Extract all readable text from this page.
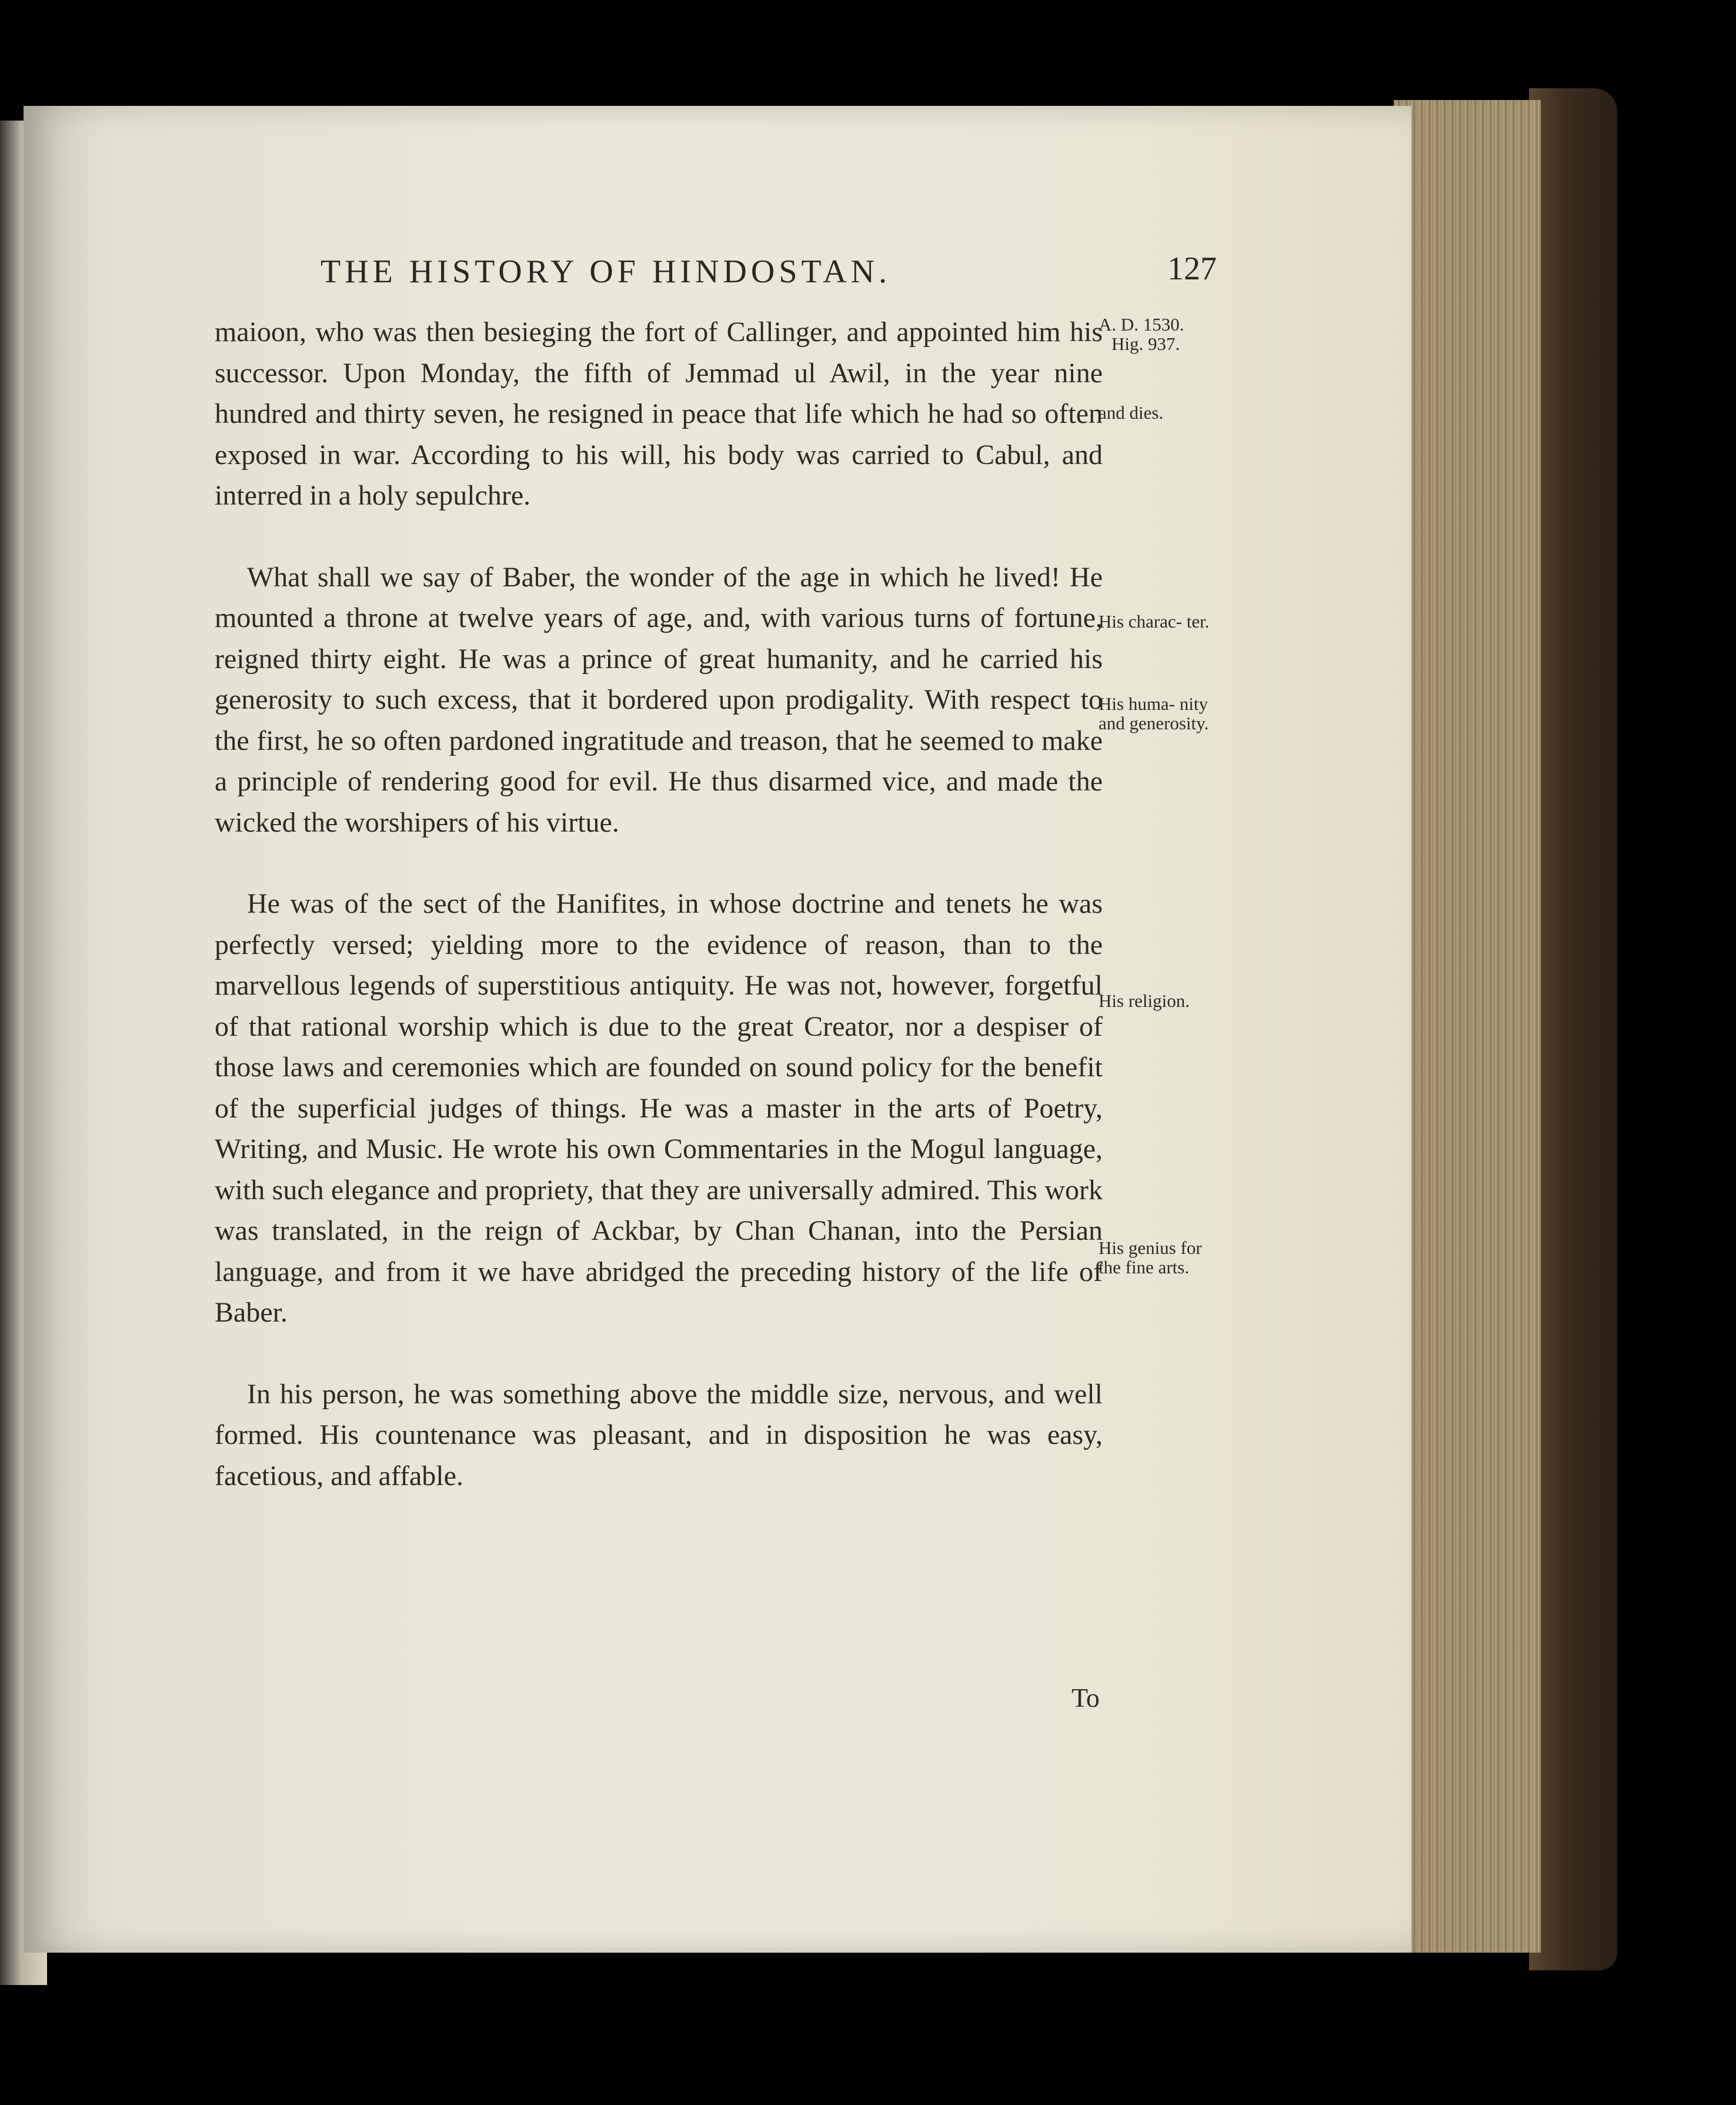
THE HISTORY OF HINDOSTAN.	127

maioon, who was then besieging the fort of Callinger, and appointed him his successor. Upon Monday, the fifth of Jemmad ul Awil, in the year nine hundred and thirty seven, he resigned in peace that life which he had so often exposed in war. According to his will, his body was carried to Cabul, and interred in a holy sepulchre.

What shall we say of Baber, the wonder of the age in which he lived! He mounted a throne at twelve years of age, and, with various turns of fortune, reigned thirty eight. He was a prince of great humanity, and he carried his generosity to such excess, that it bordered upon prodigality. With respect to the first, he so often pardoned ingratitude and treason, that he seemed to make a principle of rendering good for evil. He thus disarmed vice, and made the wicked the worshipers of his virtue.

He was of the sect of the Hanifites, in whose doctrine and tenets he was perfectly versed; yielding more to the evidence of reason, than to the marvellous legends of superstitious antiquity. He was not, however, forgetful of that rational worship which is due to the great Creator, nor a despiser of those laws and ceremonies which are founded on sound policy for the benefit of the superficial judges of things. He was a master in the arts of Poetry, Writing, and Music. He wrote his own Commentaries in the Mogul language, with such elegance and propriety, that they are universally admired. This work was translated, in the reign of Ackbar, by Chan Chanan, into the Persian language, and from it we have abridged the preceding history of the life of Baber.

In his person, he was something above the middle size, nervous, and well formed. His countenance was pleasant, and in disposition he was easy, facetious, and affable.

A. D. 1530.
Hig. 937.
and dies.
His charac- ter.
His huma- nity and generosity.
His religion.
His genius for the fine arts.
To
